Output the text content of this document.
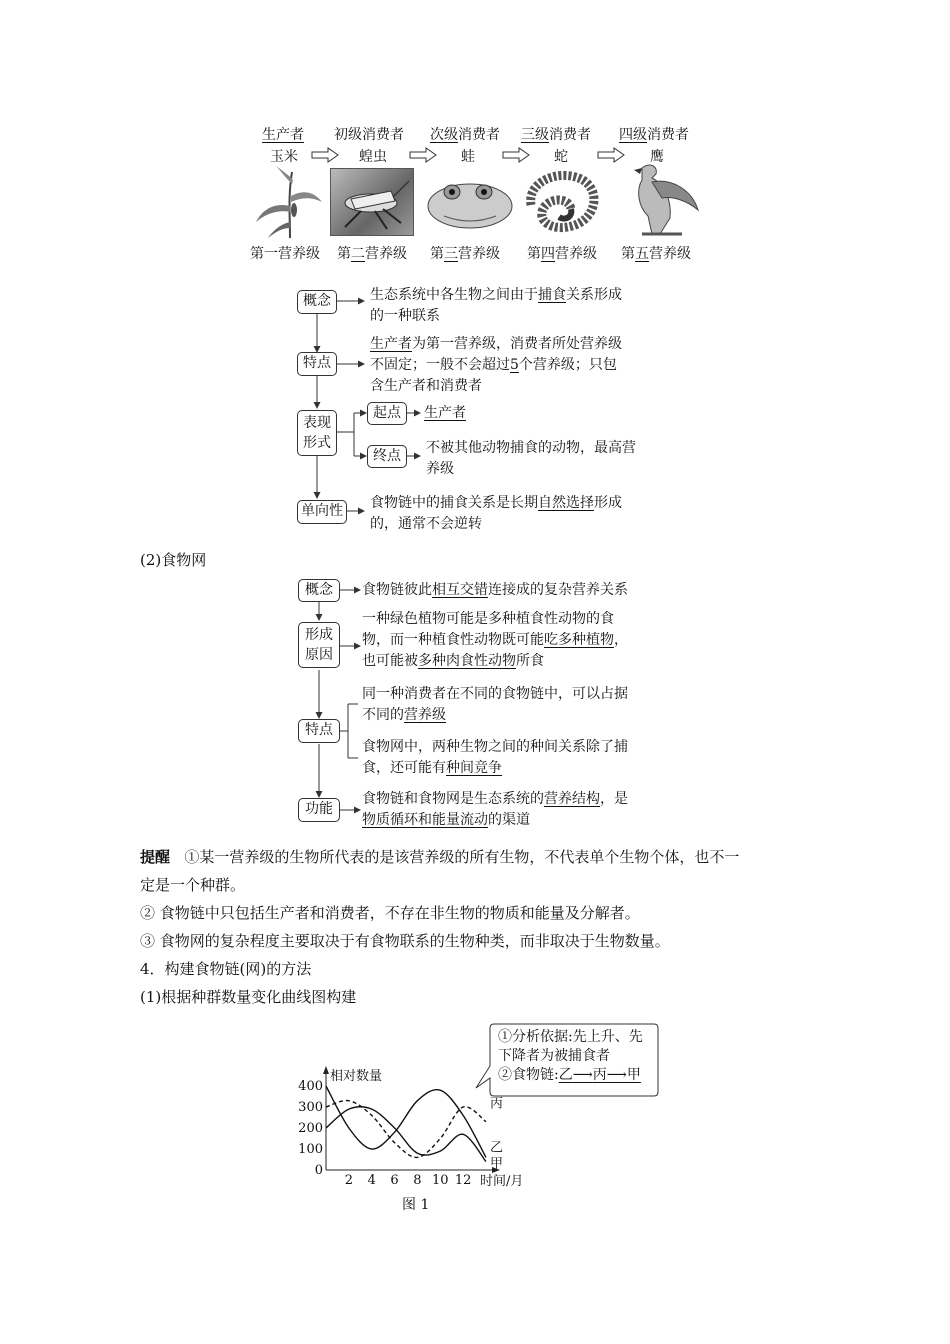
生产者 初级消费者 次级消费者 三级消费者 四级消费者
玉米	蝗虫	蛙	蛇	鹰
第一营养级 第二营养级 第三营养级 第四营养级 第五营养级
概念	生态系统中各生物之间由于捕食关系形成
的一种联系
特点
生产者为第一营养级，消费者所处营养级
不固定；一般不会超过5个营养级；只包
含生产者和消费者
表现
形式
起点	生产者
终点	不被其他动物捕食的动物，最高营
养级
单向性 食物链中的捕食关系是长期自然选择形成
的，通常不会逆转
(2)食物网
概念	食物链彼此相互交错连接成的复杂营养关系
形成
原因
一种绿色植物可能是多种植食性动物的食
物，而一种植食性动物既可能吃多种植物，
也可能被多种肉食性动物所食
特点
同一种消费者在不同的食物链中，可以占据
不同的营养级
食物网中，两种生物之间的种间关系除了捕
食，还可能有种间竞争
功能
食物链和食物网是生态系统的营养结构，是
物质循环和能量流动的渠道
提醒 ①某一营养级的生物所代表的是该营养级的所有生物，不代表单个生物个体，也不一
定是一个种群。
② 食物链中只包括生产者和消费者，不存在非生物的物质和能量及分解者。
③ 食物网的复杂程度主要取决于有食物联系的生物种类，而非取决于生物数量。
4．构建食物链(网)的方法
(1)根据种群数量变化曲线图构建
①分析依据:先上升、先
下降者为被捕食者
②食物链:乙⟶丙⟶甲
相对数量
时间/月
0
100
200
300
400
2 4 6 8 10 12
乙
丙
甲
图 1
